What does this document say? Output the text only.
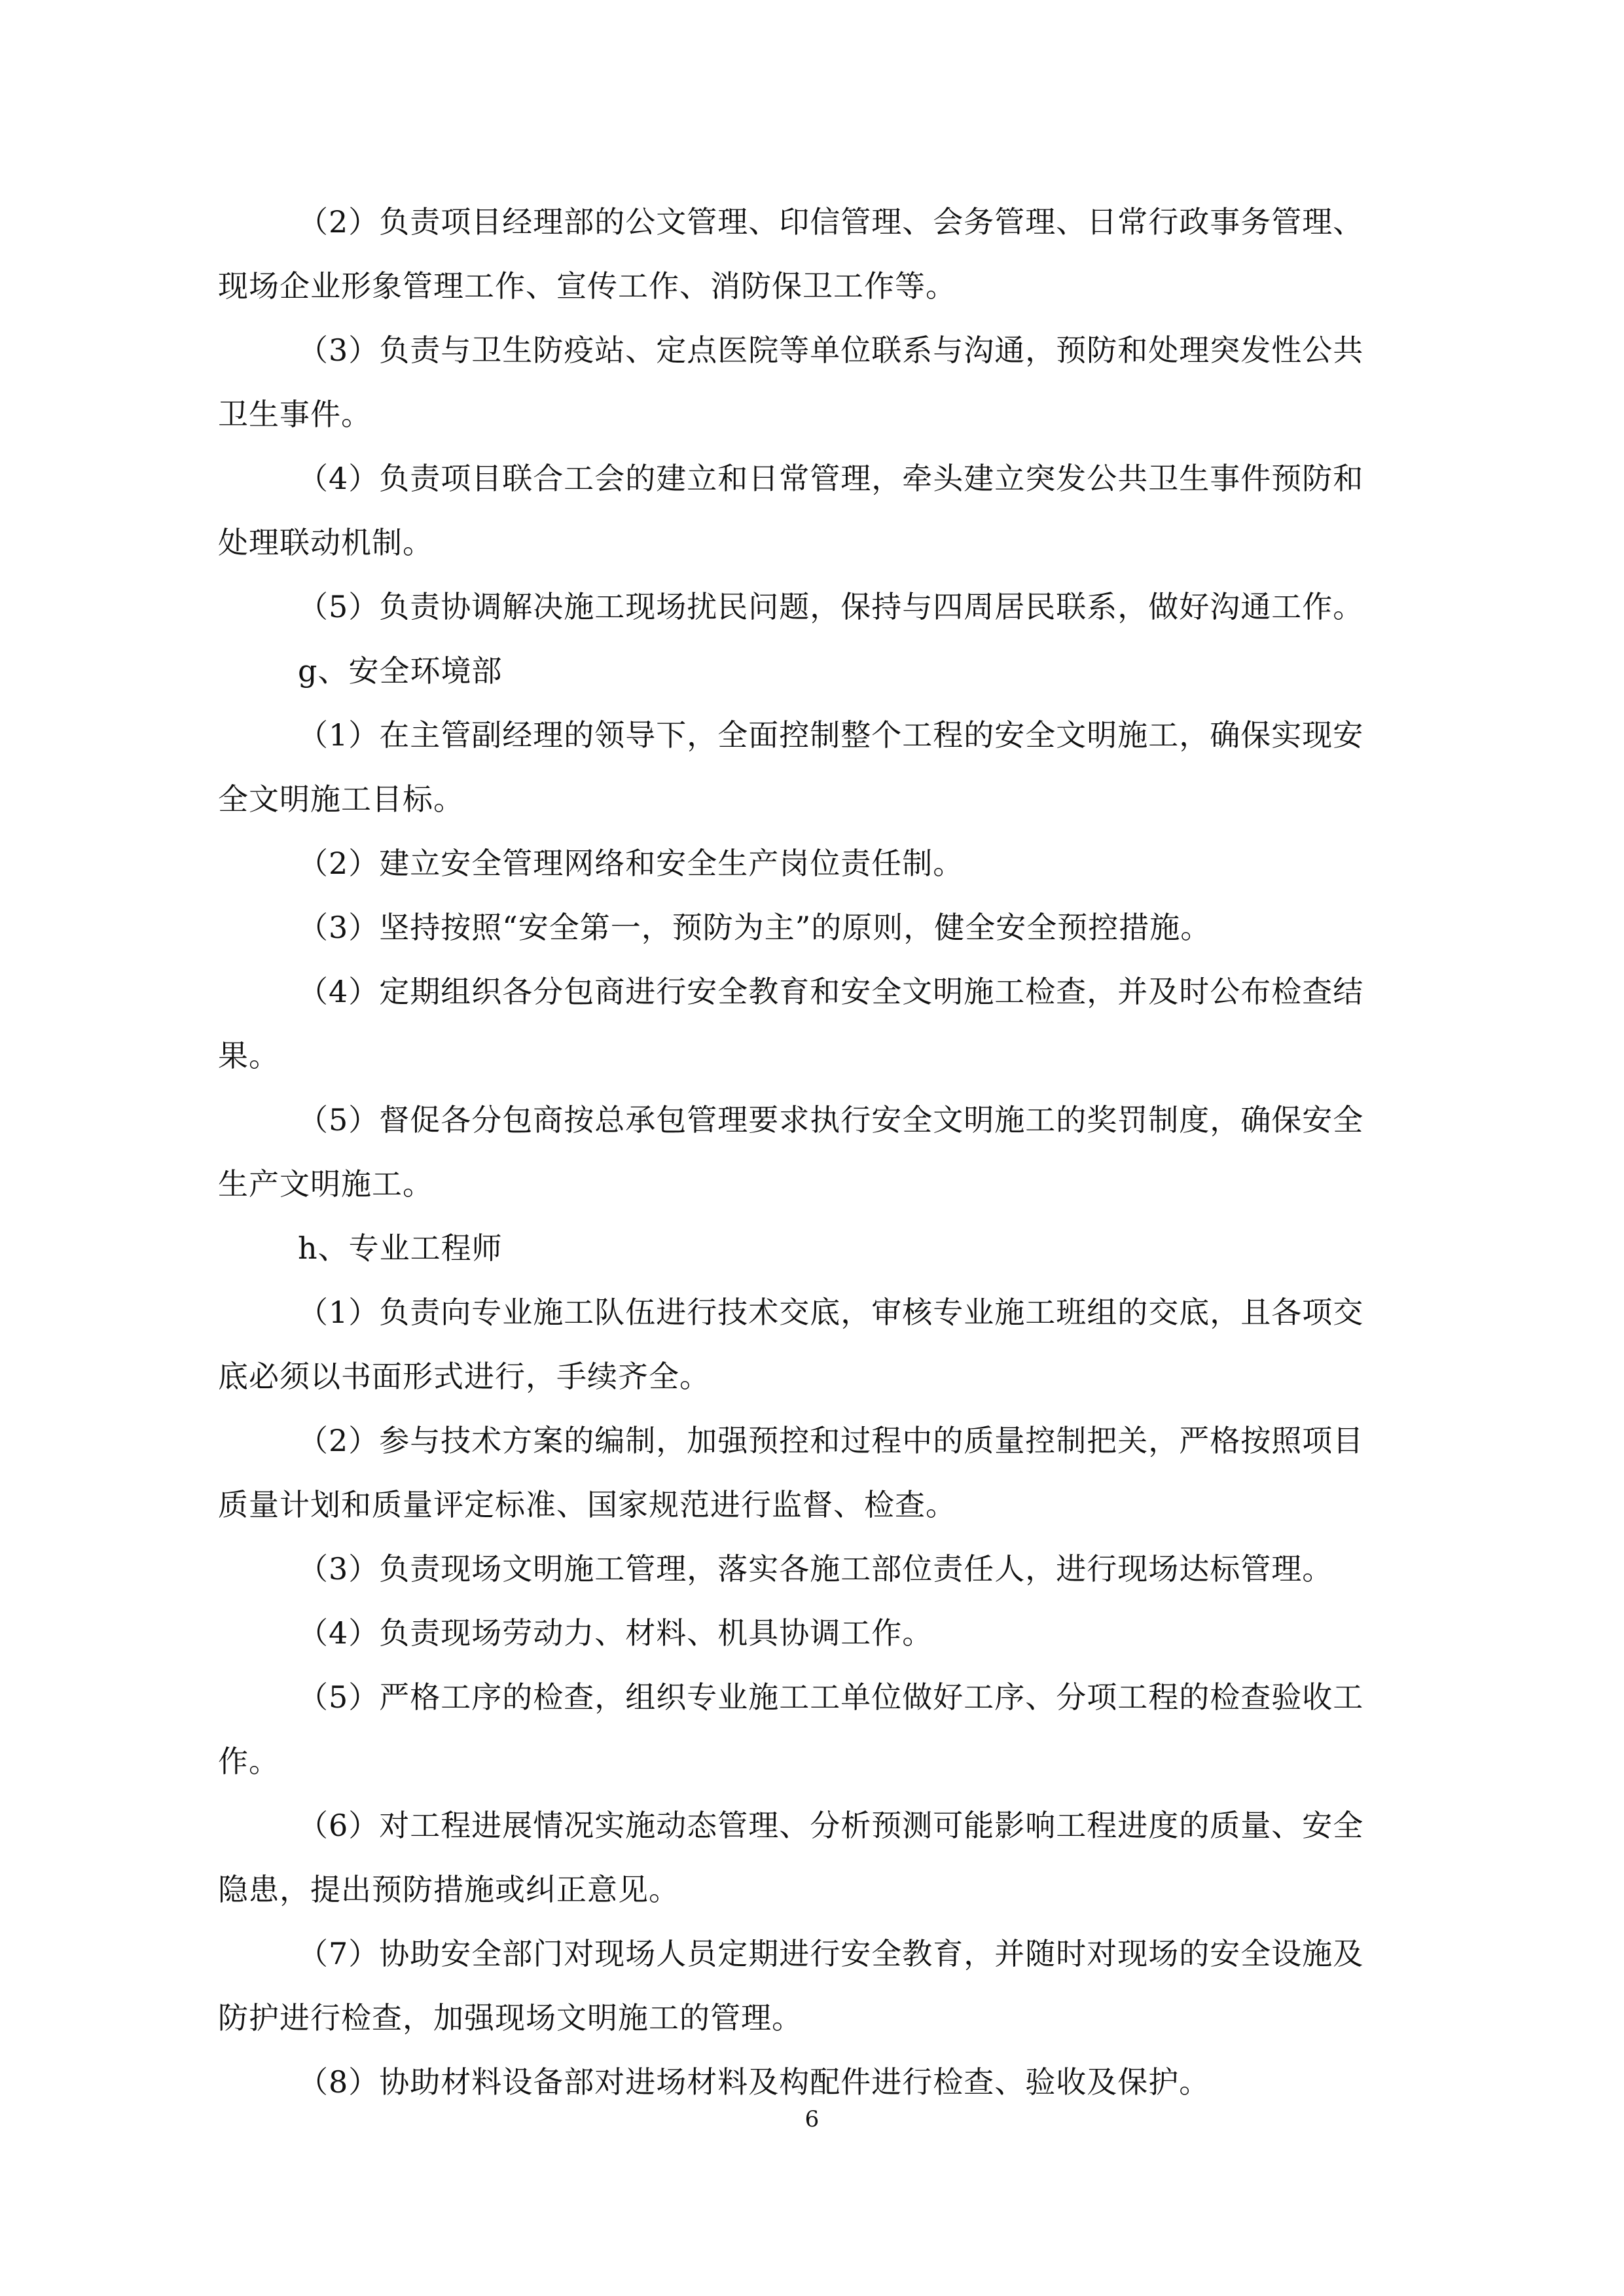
（2）负责项目经理部的公文管理、印信管理、会务管理、日常行政事务管理、

现场企业形象管理工作、宣传工作、消防保卫工作等。

（3）负责与卫生防疫站、定点医院等单位联系与沟通，预防和处理突发性公共

卫生事件。

（4）负责项目联合工会的建立和日常管理，牵头建立突发公共卫生事件预防和

处理联动机制。

（5）负责协调解决施工现场扰民问题，保持与四周居民联系，做好沟通工作。

g、安全环境部

（1）在主管副经理的领导下，全面控制整个工程的安全文明施工，确保实现安

全文明施工目标。

（2）建立安全管理网络和安全生产岗位责任制。

（3）坚持按照“安全第一，预防为主”的原则，健全安全预控措施。

（4）定期组织各分包商进行安全教育和安全文明施工检查，并及时公布检查结

果。

（5）督促各分包商按总承包管理要求执行安全文明施工的奖罚制度，确保安全

生产文明施工。

h、专业工程师

（1）负责向专业施工队伍进行技术交底，审核专业施工班组的交底，且各项交

底必须以书面形式进行，手续齐全。

（2）参与技术方案的编制，加强预控和过程中的质量控制把关，严格按照项目

质量计划和质量评定标准、国家规范进行监督、检查。

（3）负责现场文明施工管理，落实各施工部位责任人，进行现场达标管理。

（4）负责现场劳动力、材料、机具协调工作。

（5）严格工序的检查，组织专业施工工单位做好工序、分项工程的检查验收工

作。

（6）对工程进展情况实施动态管理、分析预测可能影响工程进度的质量、安全

隐患，提出预防措施或纠正意见。

（7）协助安全部门对现场人员定期进行安全教育，并随时对现场的安全设施及

防护进行检查，加强现场文明施工的管理。

（8）协助材料设备部对进场材料及构配件进行检查、验收及保护。

6
